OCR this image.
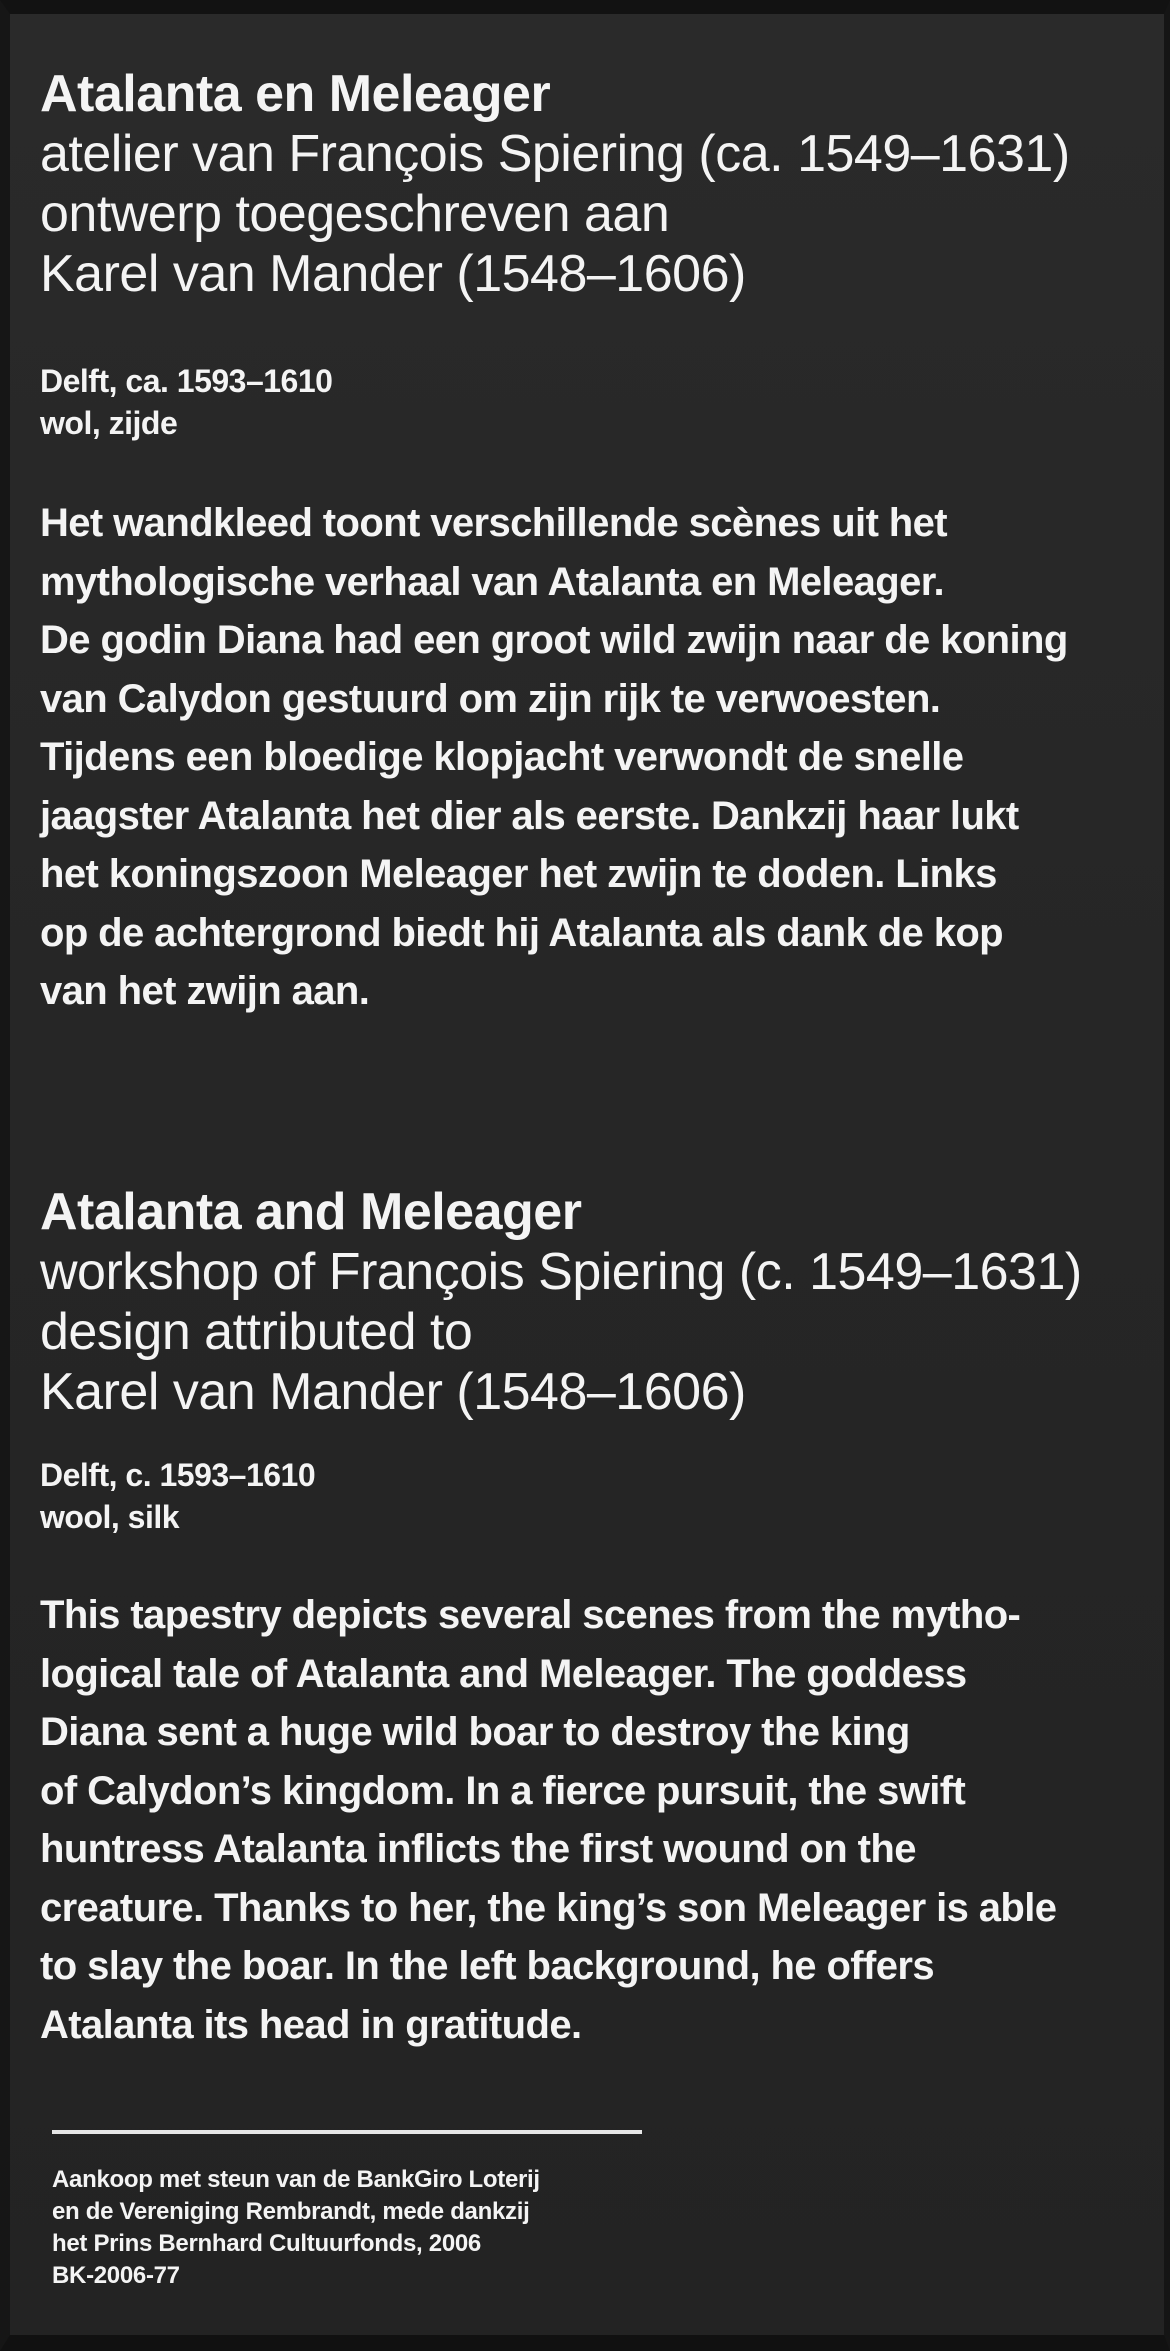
Atalanta en Meleager

atelier van François Spiering (ca. 1549–1631)

ontwerp toegeschreven aan

Karel van Mander (1548–1606)

Delft, ca. 1593–1610

wol, zijde

Het wandkleed toont verschillende scènes uit het

mythologische verhaal van Atalanta en Meleager.

De godin Diana had een groot wild zwijn naar de koning

van Calydon gestuurd om zijn rijk te verwoesten.

Tijdens een bloedige klopjacht verwondt de snelle

jaagster Atalanta het dier als eerste. Dankzij haar lukt

het koningszoon Meleager het zwijn te doden. Links

op de achtergrond biedt hij Atalanta als dank de kop

van het zwijn aan.

Atalanta and Meleager

workshop of François Spiering (c. 1549–1631)

design attributed to

Karel van Mander (1548–1606)

Delft, c. 1593–1610

wool, silk

This tapestry depicts several scenes from the mytho-

logical tale of Atalanta and Meleager. The goddess

Diana sent a huge wild boar to destroy the king

of Calydon’s kingdom. In a fierce pursuit, the swift

huntress Atalanta inflicts the first wound on the

creature. Thanks to her, the king’s son Meleager is able

to slay the boar. In the left background, he offers

Atalanta its head in gratitude.

Aankoop met steun van de BankGiro Loterij

en de Vereniging Rembrandt, mede dankzij

het Prins Bernhard Cultuurfonds, 2006

BK-2006-77
